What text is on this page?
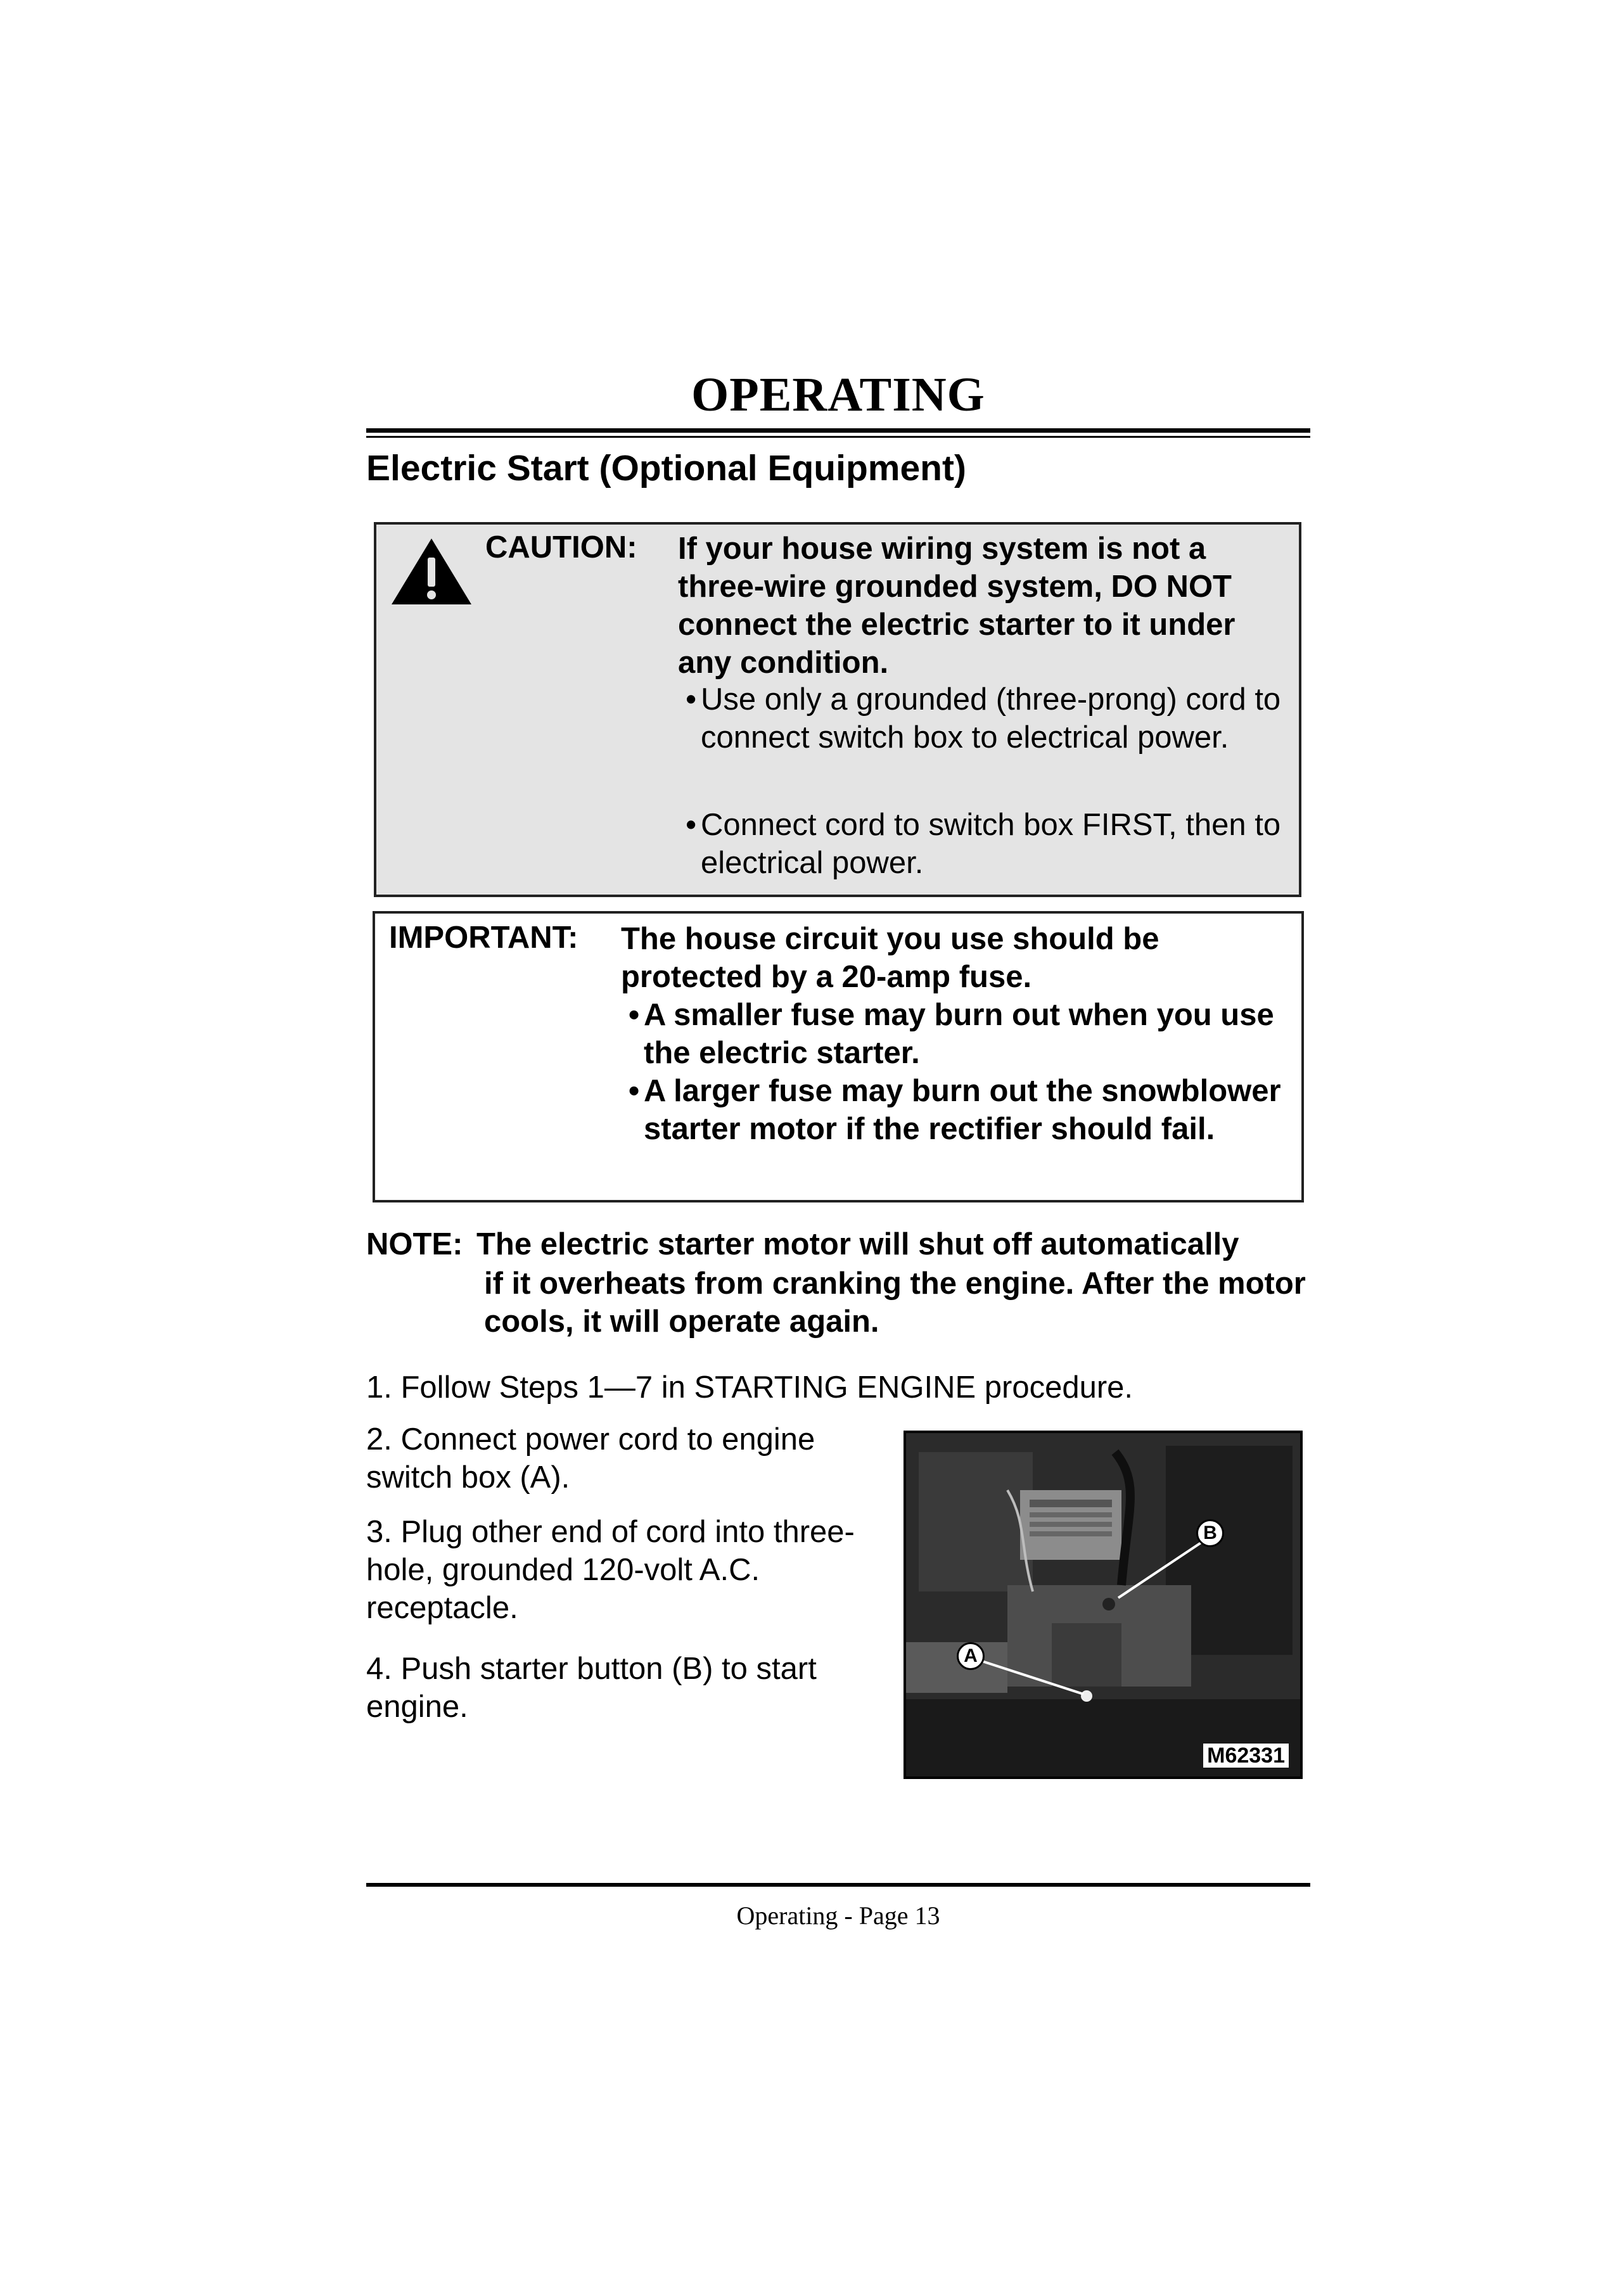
OPERATING
Electric Start (Optional Equipment)
CAUTION: If your house wiring system is not a three-wire grounded system, DO NOT connect the electric starter to it under any condition.
• Use only a grounded (three-prong) cord to connect switch box to electrical power.
• Connect cord to switch box FIRST, then to electrical power.
IMPORTANT: The house circuit you use should be protected by a 20-amp fuse.
• A smaller fuse may burn out when you use the electric starter.
• A larger fuse may burn out the snowblower starter motor if the rectifier should fail.
NOTE: The electric starter motor will shut off automatically
if it overheats from cranking the engine. After the motor cools, it will operate again.
1. Follow Steps 1—7 in STARTING ENGINE procedure.
2. Connect power cord to engine switch box (A).
3. Plug other end of cord into three-hole, grounded 120-volt A.C. receptacle.
4. Push starter button (B) to start engine.
B
A
M62331
Operating - Page 13
